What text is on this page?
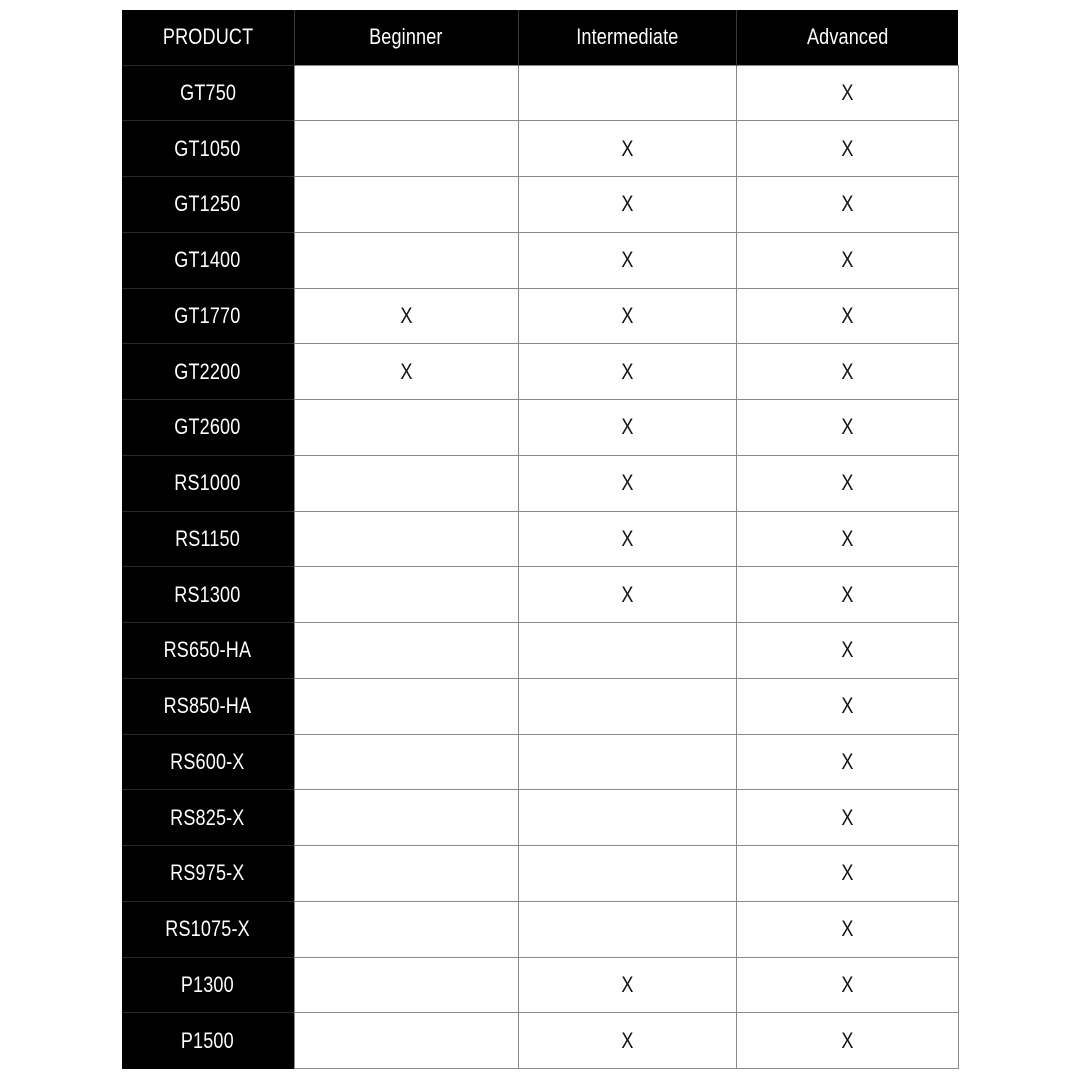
PRODUCT	Beginner	Intermediate	Advanced
GT750			X
GT1050		X	X
GT1250		X	X
GT1400		X	X
GT1770	X	X	X
GT2200	X	X	X
GT2600		X	X
RS1000		X	X
RS1150		X	X
RS1300		X	X
RS650-HA			X
RS850-HA			X
RS600-X			X
RS825-X			X
RS975-X			X
RS1075-X			X
P1300		X	X
P1500		X	X
